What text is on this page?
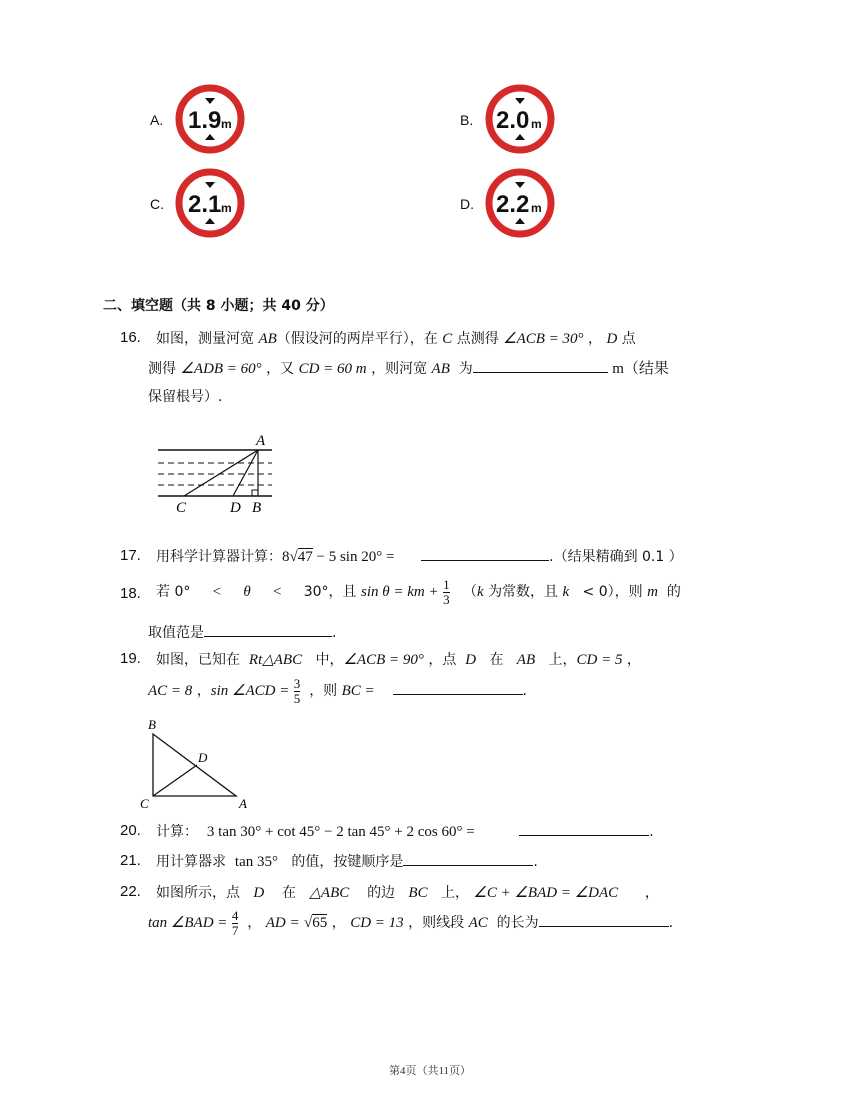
A. 1.9 m	B. 2.0 m
C. 2.1 m	D. 2.2 m
二、填空题（共 8 小题；共 40 分）
16. 如图，测量河宽 AB（假设河的两岸平行），在 C 点测得 ∠ACB = 30° ， D 点
测得 ∠ADB = 60° ，又 CD = 60 m ，则河宽 AB 为	m（结果
保留根号）.
A
C	D B
17. 用科学计算器计算：8√47 − 5 sin 20° =	.（结果精确到 0.1 ）
18. 若 0° < θ < 30°，且 sin θ = km + $\frac{1}{3} (k$ 为常数，且 k < 0），则 m 的
取值范是	.
19. 如图，已知在 Rt△ABC 中，∠ACB = 90° ，点 D 在 AB 上，CD = 5 ，
AC = 8 ，sin ∠ACD = $\frac{3}{5}$ ，则 BC =	.
B
D
C	A
20. 计算： 3 tan 30° + cot 45° − 2 tan 45° + 2 cos 60° =	.
21. 用计算器求 tan 35° 的值，按键顺序是	.
22. 如图所示，点 D 在 △ABC 的边 BC 上， ∠C + ∠BAD = ∠DAC ，
tan ∠BAD = $\frac{4}{7}$ ， AD = √65 ， CD = 13 ，则线段 AC 的长为	.
第4页（共11页）
